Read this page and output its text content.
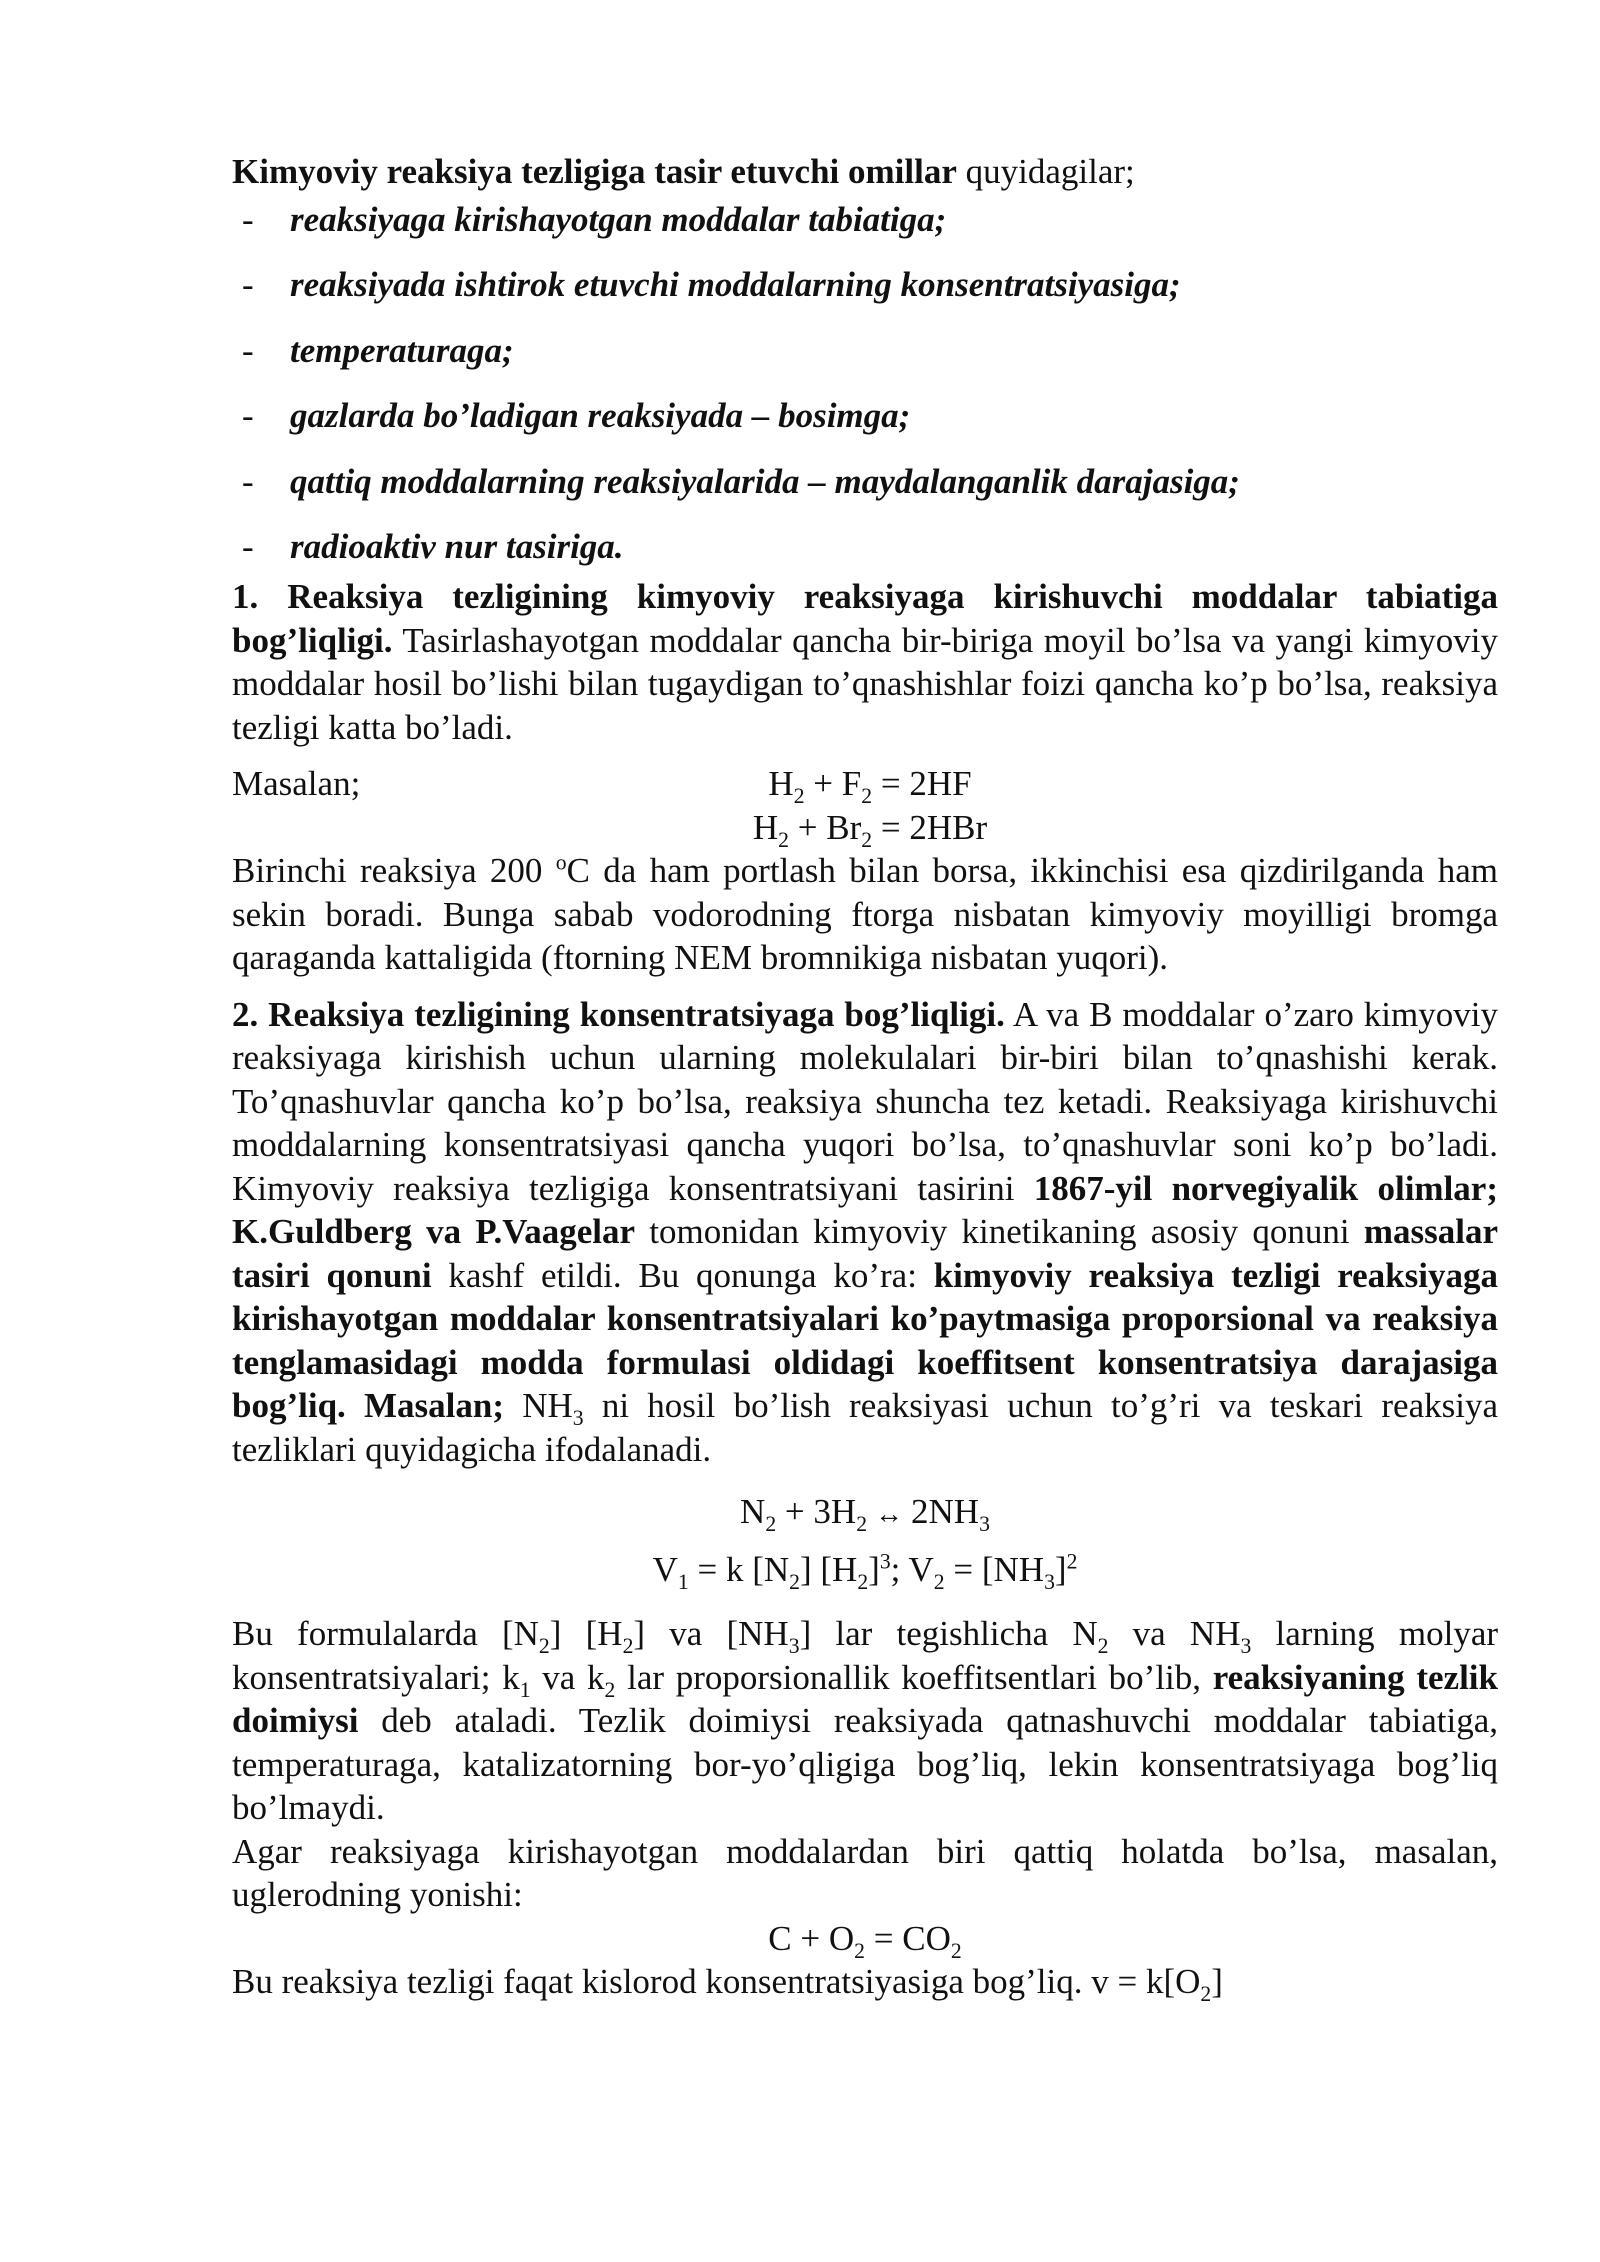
Kimyoviy reaksiya tezligiga tasir etuvchi omillar quyidagilar;

-	reaksiyaga kirishayotgan moddalar tabiatiga;
-	reaksiyada ishtirok etuvchi moddalarning konsentratsiyasiga;
-	temperaturaga;
-	gazlarda bo’ladigan reaksiyada – bosimga;
-	qattiq moddalarning reaksiyalarida – maydalanganlik darajasiga;
-	radioaktiv nur tasiriga.

1. Reaksiya tezligining kimyoviy reaksiyaga kirishuvchi moddalar tabiatiga bog’liqligi. Tasirlashayotgan moddalar qancha bir-biriga moyil bo’lsa va yangi kimyoviy moddalar hosil bo’lishi bilan tugaydigan to’qnashishlar foizi qancha ko’p bo’lsa, reaksiya tezligi katta bo’ladi.

Masalan;	$H_2 + F_2 = 2HF$
$H_2 + Br_2 = 2HBr$

Birinchi reaksiya 200 $^o$C da ham portlash bilan borsa, ikkinchisi esa qizdirilganda ham sekin boradi. Bunga sabab vodorodning ftorga nisbatan kimyoviy moyilligi bromga qaraganda kattaligida (ftorning NEM bromnikiga nisbatan yuqori).

2. Reaksiya tezligining konsentratsiyaga bog’liqligi. A va B moddalar o’zaro kimyoviy reaksiyaga kirishish uchun ularning molekulalari bir-biri bilan to’qnashishi kerak. To’qnashuvlar qancha ko’p bo’lsa, reaksiya shuncha tez ketadi. Reaksiyaga kirishuvchi moddalarning konsentratsiyasi qancha yuqori bo’lsa, to’qnashuvlar soni ko’p bo’ladi. Kimyoviy reaksiya tezligiga konsentratsiyani tasirini 1867-yil norvegiyalik olimlar; K.Guldberg va P.Vaagelar tomonidan kimyoviy kinetikaning asosiy qonuni massalar tasiri qonuni kashf etildi. Bu qonunga ko’ra: kimyoviy reaksiya tezligi reaksiyaga kirishayotgan moddalar konsentratsiyalari ko’paytmasiga proporsional va reaksiya tenglamasidagi modda formulasi oldidagi koeffitsent konsentratsiya darajasiga bog’liq. Masalan; $NH_3$ ni hosil bo’lish reaksiyasi uchun to’g’ri va teskari reaksiya tezliklari quyidagicha ifodalanadi.

$N_2 + 3H_2$ ↔ $2NH_3$
$V_1 = k$ $[N_2]$ $[H_2]^3$; $V_2 = [NH_3]^2$

Bu formulalarda $[N_2]$ $[H_2]$ va $[NH_3]$ lar tegishlicha $N_2$ va $NH_3$ larning molyar konsentratsiyalari; $k_1$ va $k_2$ lar proporsionallik koeffitsentlari bo’lib, reaksiyaning tezlik doimiysi deb ataladi. Tezlik doimiysi reaksiyada qatnashuvchi moddalar tabiatiga, temperaturaga, katalizatorning bor-yo’qligiga bog’liq, lekin konsentratsiyaga bog’liq bo’lmaydi.

Agar reaksiyaga kirishayotgan moddalardan biri qattiq holatda bo’lsa, masalan, uglerodning yonishi:

$C + O_2 = CO_2$

Bu reaksiya tezligi faqat kislorod konsentratsiyasiga bog’liq. $v = k[O_2]$
